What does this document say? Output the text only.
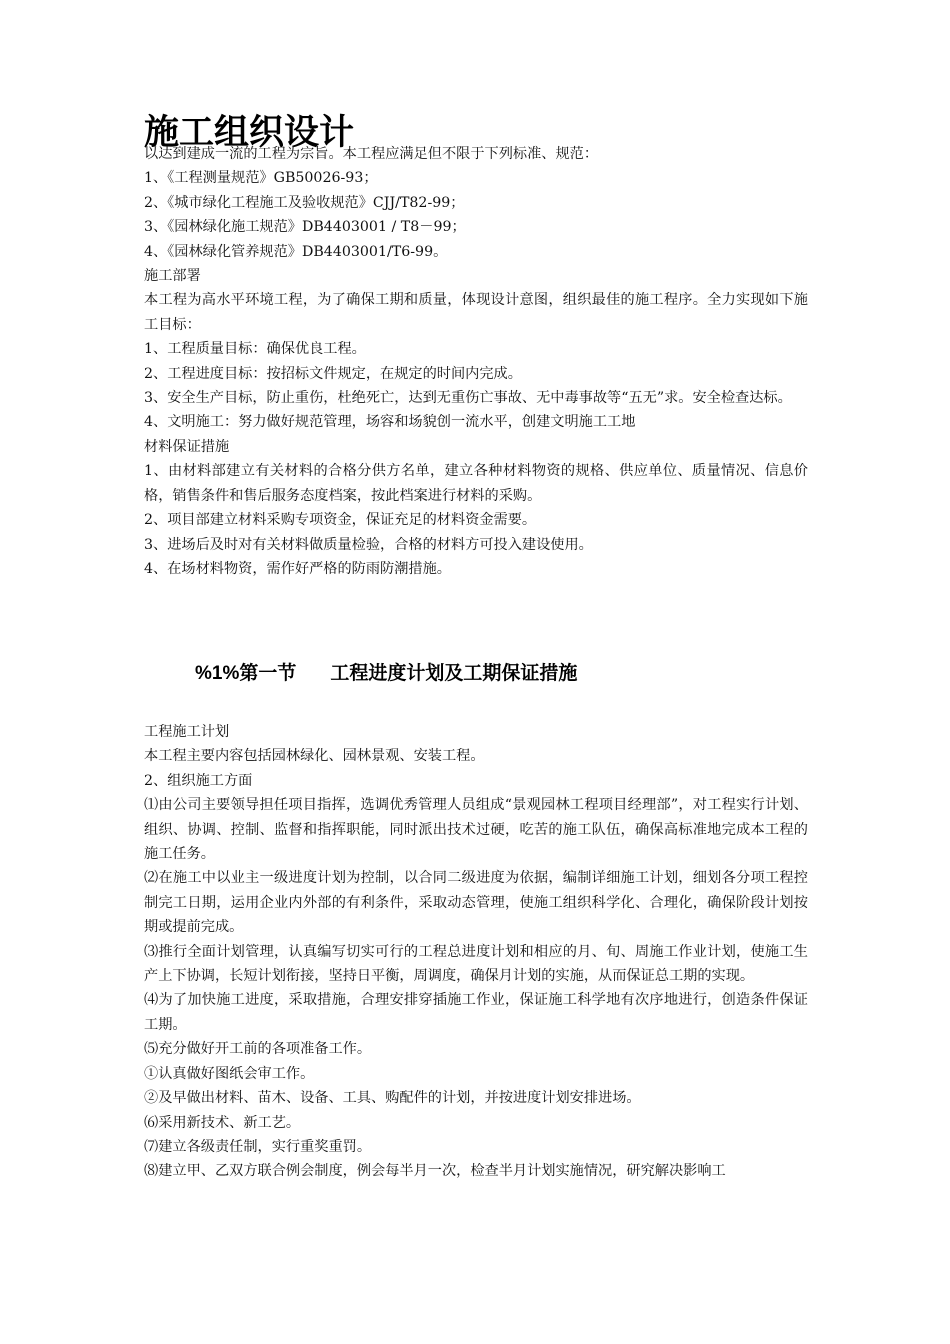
施工组织设计

以达到建成一流的工程为宗旨。本工程应满足但不限于下列标准、规范：

1、《工程测量规范》GB50026-93；

2、《城市绿化工程施工及验收规范》CJJ/T82-99；

3、《园林绿化施工规范》DB4403001 / T8－99；

4、《园林绿化管养规范》DB4403001/T6-99。

施工部署

本工程为高水平环境工程，为了确保工期和质量，体现设计意图，组织最佳的施工程序。全力实现如下施工目标：

1、工程质量目标：确保优良工程。

2、工程进度目标：按招标文件规定，在规定的时间内完成。

3、安全生产目标，防止重伤，杜绝死亡，达到无重伤亡事故、无中毒事故等“五无”求。安全检查达标。

4、文明施工：努力做好规范管理，场容和场貌创一流水平，创建文明施工工地

材料保证措施

1、由材料部建立有关材料的合格分供方名单，建立各种材料物资的规格、供应单位、质量情况、信息价格，销售条件和售后服务态度档案，按此档案进行材料的采购。

2、项目部建立材料采购专项资金，保证充足的材料资金需要。

3、进场后及时对有关材料做质量检验，合格的材料方可投入建设使用。

4、在场材料物资，需作好严格的防雨防潮措施。

%1%第一节 工程进度计划及工期保证措施

工程施工计划

本工程主要内容包括园林绿化、园林景观、安装工程。

2、组织施工方面

⑴由公司主要领导担任项目指挥，选调优秀管理人员组成“景观园林工程项目经理部”，对工程实行计划、组织、协调、控制、监督和指挥职能，同时派出技术过硬，吃苦的施工队伍，确保高标准地完成本工程的施工任务。

⑵在施工中以业主一级进度计划为控制，以合同二级进度为依据，编制详细施工计划，细划各分项工程控制完工日期，运用企业内外部的有利条件，采取动态管理，使施工组织科学化、合理化，确保阶段计划按期或提前完成。

⑶推行全面计划管理，认真编写切实可行的工程总进度计划和相应的月、旬、周施工作业计划，使施工生产上下协调，长短计划衔接，坚持日平衡，周调度，确保月计划的实施，从而保证总工期的实现。

⑷为了加快施工进度，采取措施，合理安排穿插施工作业，保证施工科学地有次序地进行，创造条件保证工期。

⑸充分做好开工前的各项准备工作。

①认真做好图纸会审工作。

②及早做出材料、苗木、设备、工具、购配件的计划，并按进度计划安排进场。

⑹采用新技术、新工艺。

⑺建立各级责任制，实行重奖重罚。

⑻建立甲、乙双方联合例会制度，例会每半月一次，检查半月计划实施情况，研究解决影响工
